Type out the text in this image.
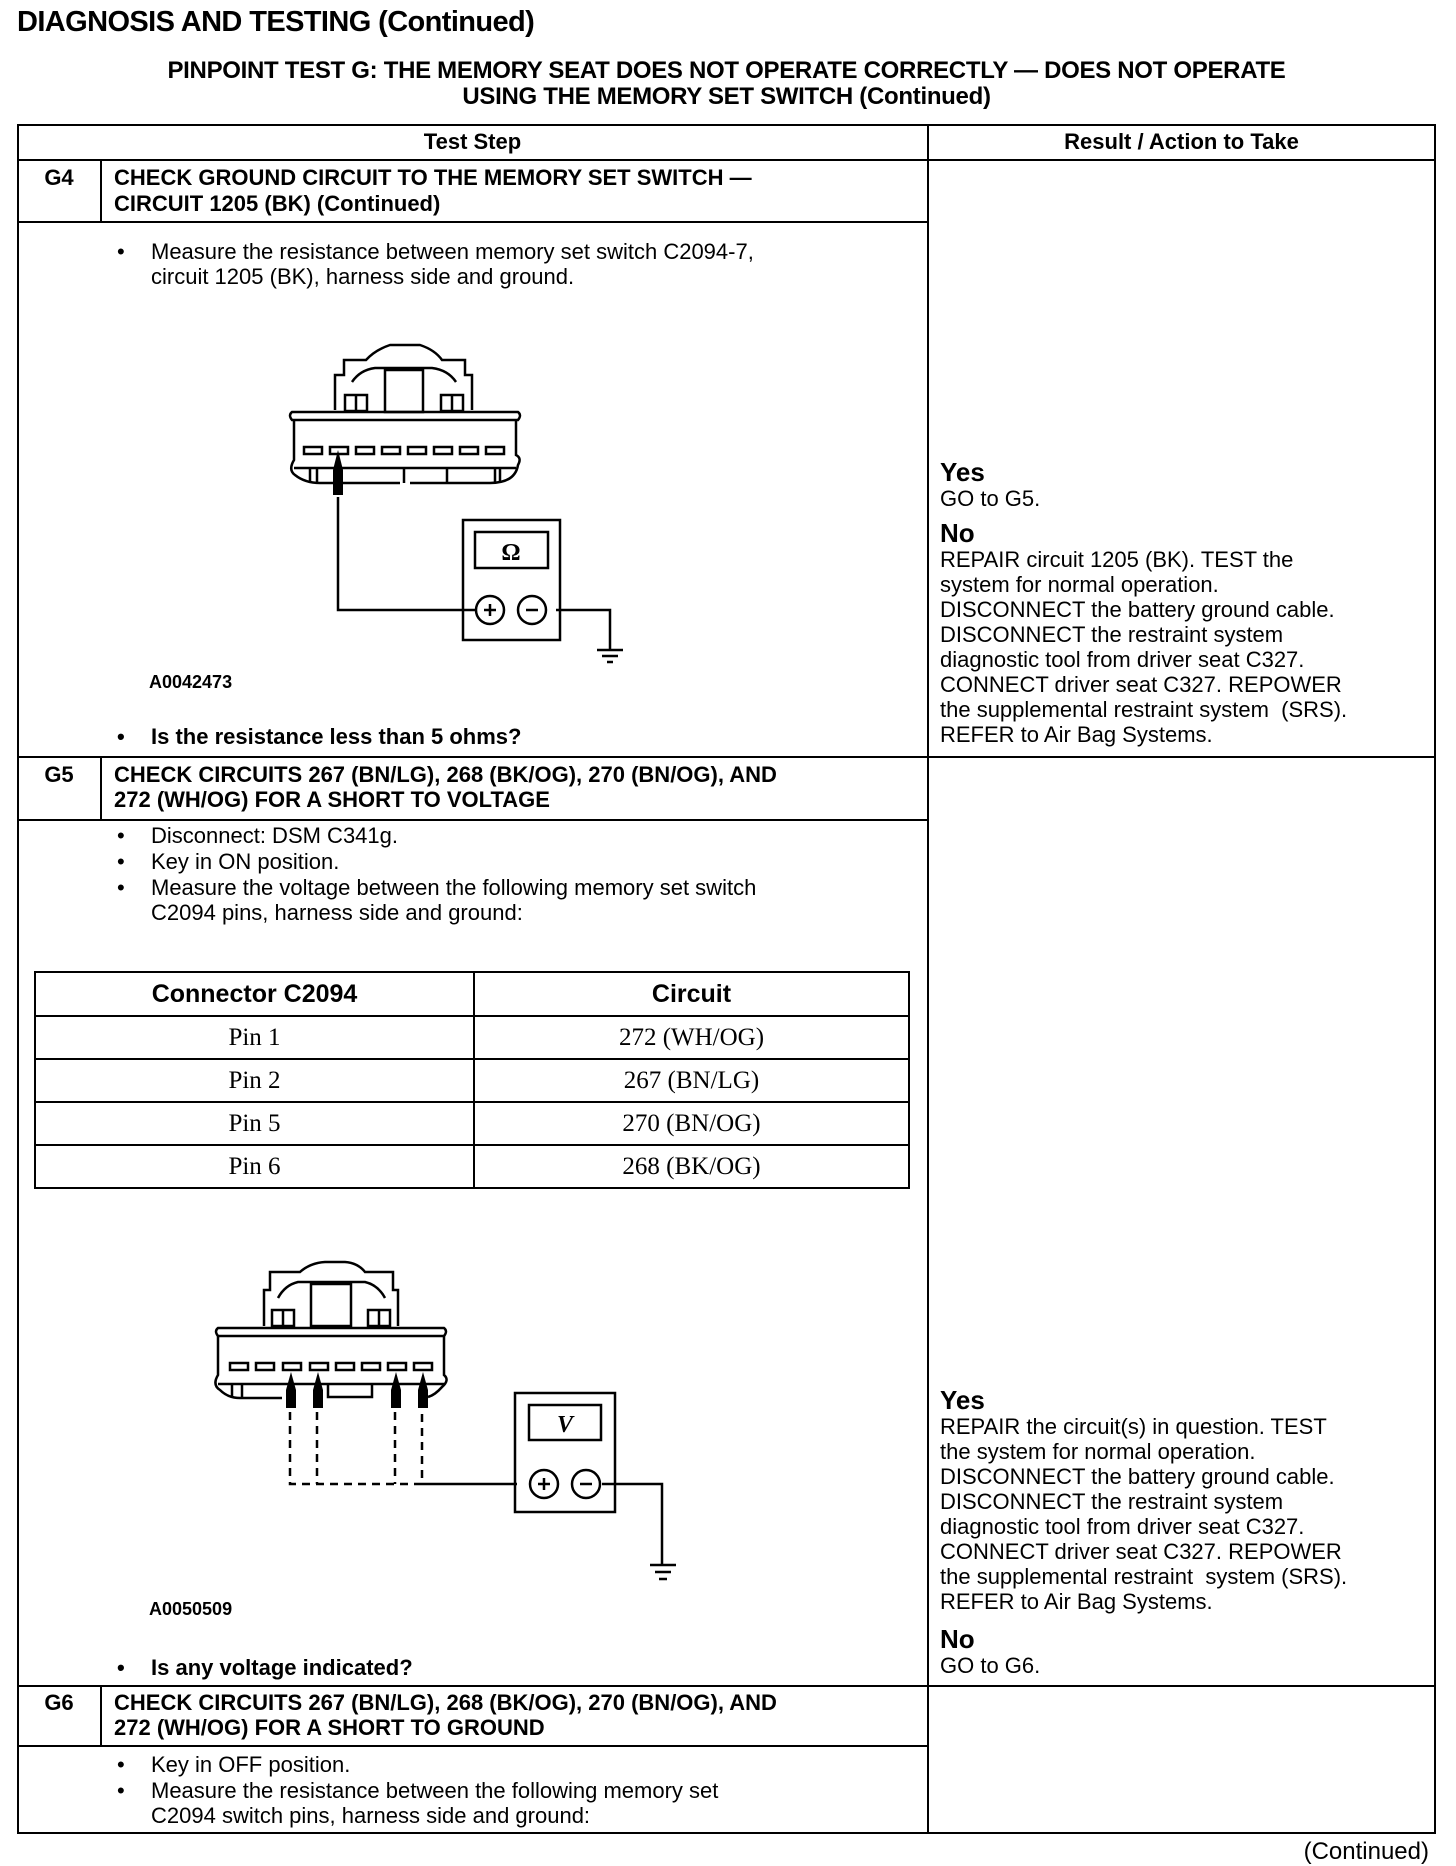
DIAGNOSIS AND TESTING (Continued)
PINPOINT TEST G: THE MEMORY SEAT DOES NOT OPERATE CORRECTLY — DOES NOT OPERATE
USING THE MEMORY SET SWITCH (Continued)
Test Step	Result / Action to Take
G4	CHECK GROUND CIRCUIT TO THE MEMORY SET SWITCH —
CIRCUIT 1205 (BK) (Continued)
• Measure the resistance between memory set switch C2094-7,
circuit 1205 (BK), harness side and ground.
Ω
A0042473
• Is the resistance less than 5 ohms?
Yes
GO to G5.
No
REPAIR circuit 1205 (BK). TEST the
system for normal operation.
DISCONNECT the battery ground cable.
DISCONNECT the restraint system
diagnostic tool from driver seat C327.
CONNECT driver seat C327. REPOWER
the supplemental restraint system  (SRS).
REFER to Air Bag Systems.
G5	CHECK CIRCUITS 267 (BN/LG), 268 (BK/OG), 270 (BN/OG), AND
272 (WH/OG) FOR A SHORT TO VOLTAGE
• Disconnect: DSM C341g.
• Key in ON position.
• Measure the voltage between the following memory set switch
C2094 pins, harness side and ground:
Connector C2094	Circuit
Pin 1	272 (WH/OG)
Pin 2	267 (BN/LG)
Pin 5	270 (BN/OG)
Pin 6	268 (BK/OG)
V
A0050509
• Is any voltage indicated?
Yes
REPAIR the circuit(s) in question. TEST
the system for normal operation.
DISCONNECT the battery ground cable.
DISCONNECT the restraint system
diagnostic tool from driver seat C327.
CONNECT driver seat C327. REPOWER
the supplemental restraint  system (SRS).
REFER to Air Bag Systems.
No
GO to G6.
G6	CHECK CIRCUITS 267 (BN/LG), 268 (BK/OG), 270 (BN/OG), AND
272 (WH/OG) FOR A SHORT TO GROUND
• Key in OFF position.
• Measure the resistance between the following memory set
C2094 switch pins, harness side and ground:
(Continued)
